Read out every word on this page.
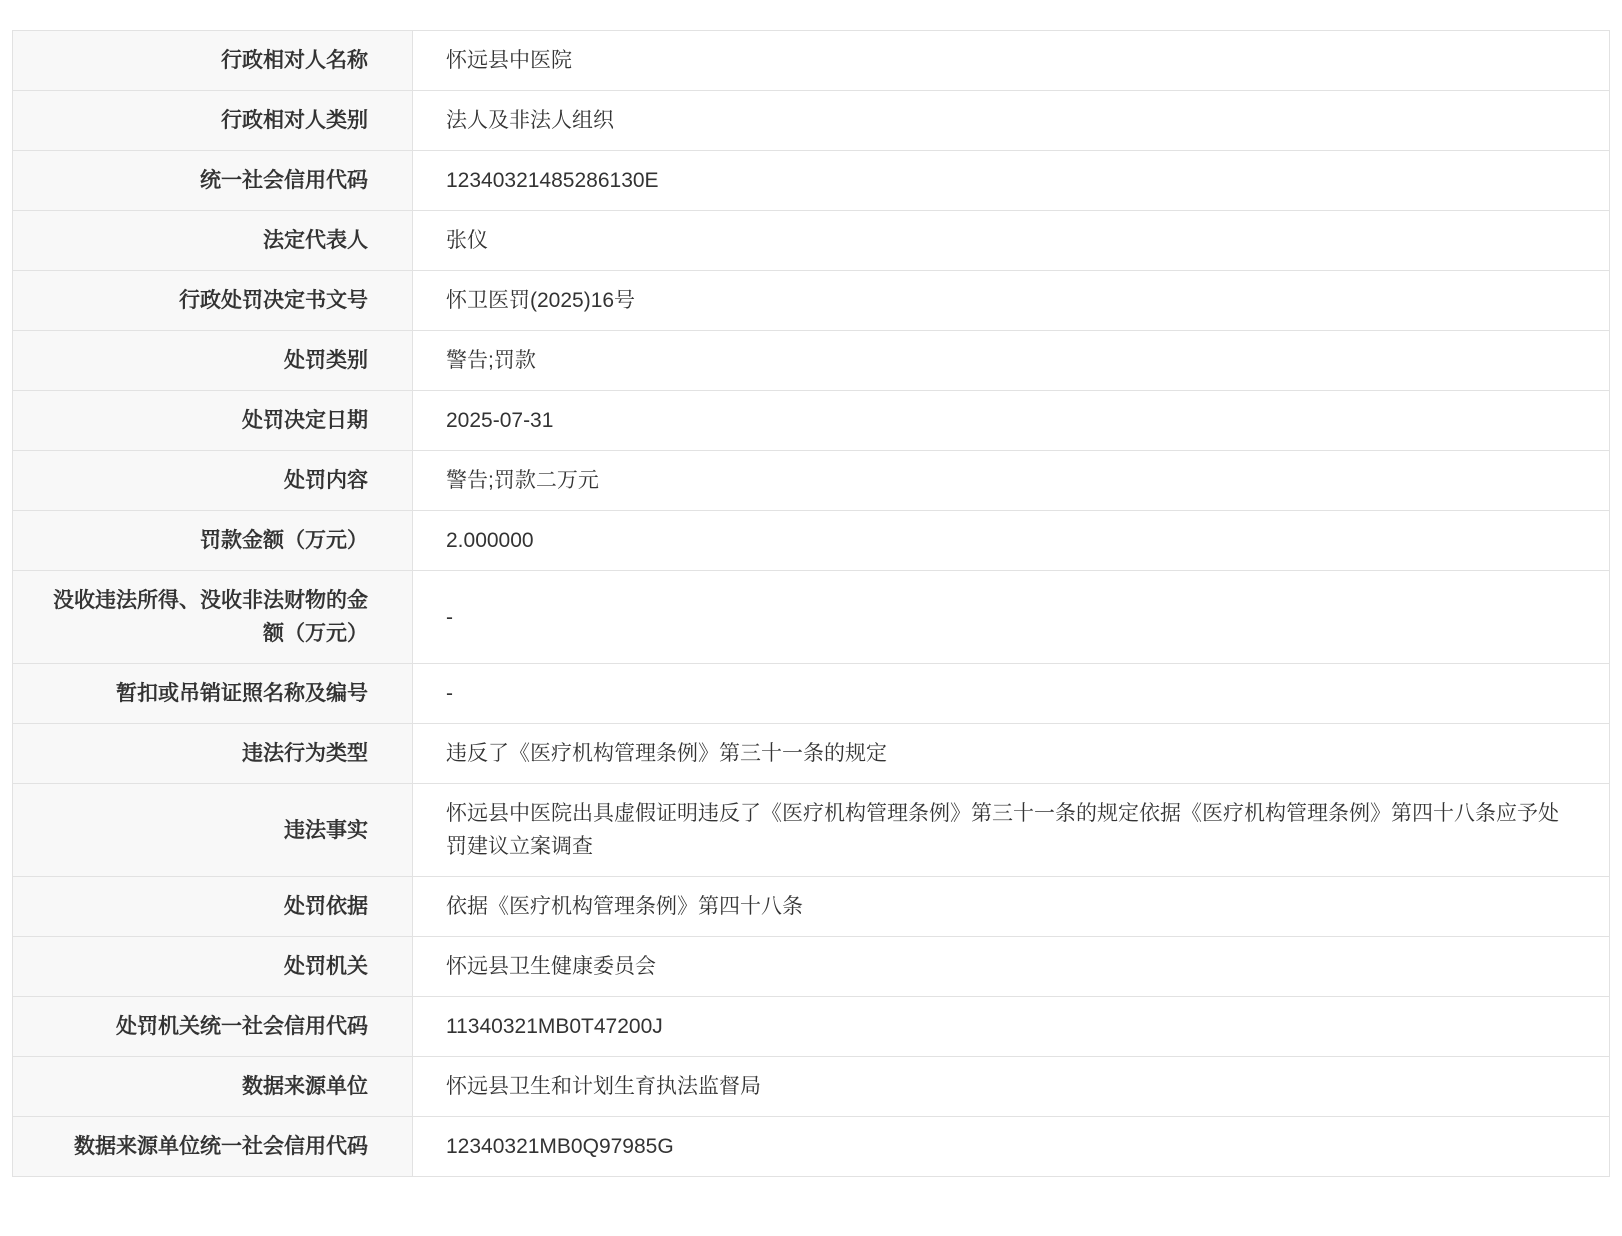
行政相对人名称	怀远县中医院
行政相对人类别	法人及非法人组织
统一社会信用代码	12340321485286130E
法定代表人	张仪
行政处罚决定书文号	怀卫医罚(2025)16号
处罚类别	警告;罚款
处罚决定日期	2025-07-31
处罚内容	警告;罚款二万元
罚款金额（万元）	2.000000
没收违法所得、没收非法财物的金额（万元）	-
暂扣或吊销证照名称及编号	-
违法行为类型	违反了《医疗机构管理条例》第三十一条的规定
违法事实	怀远县中医院出具虚假证明违反了《医疗机构管理条例》第三十一条的规定依据《医疗机构管理条例》第四十八条应予处罚建议立案调查
处罚依据	依据《医疗机构管理条例》第四十八条
处罚机关	怀远县卫生健康委员会
处罚机关统一社会信用代码	11340321MB0T47200J
数据来源单位	怀远县卫生和计划生育执法监督局
数据来源单位统一社会信用代码	12340321MB0Q97985G
